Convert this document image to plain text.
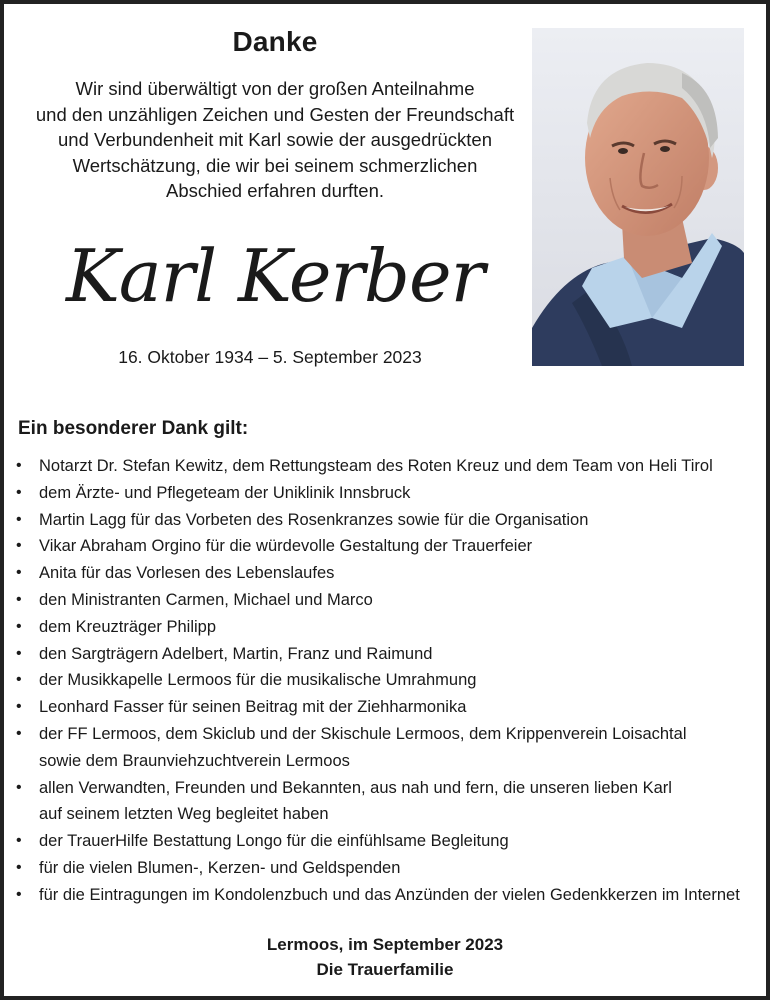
Danke
Wir sind überwältigt von der großen Anteilnahme
und den unzähligen Zeichen und Gesten der Freundschaft
und Verbundenheit mit Karl sowie der ausgedrückten
Wertschätzung, die wir bei seinem schmerzlichen
Abschied erfahren durften.
Karl Kerber
16. Oktober 1934 – 5. September 2023
Ein besonderer Dank gilt:
• Notarzt Dr. Stefan Kewitz, dem Rettungsteam des Roten Kreuz und dem Team von Heli Tirol
• dem Ärzte- und Pflegeteam der Uniklinik Innsbruck
• Martin Lagg für das Vorbeten des Rosenkranzes sowie für die Organisation
• Vikar Abraham Orgino für die würdevolle Gestaltung der Trauerfeier
• Anita für das Vorlesen des Lebenslaufes
• den Ministranten Carmen, Michael und Marco
• dem Kreuzträger Philipp
• den Sargträgern Adelbert, Martin, Franz und Raimund
• der Musikkapelle Lermoos für die musikalische Umrahmung
• Leonhard Fasser für seinen Beitrag mit der Ziehharmonika
• der FF Lermoos, dem Skiclub und der Skischule Lermoos, dem Krippenverein Loisachtal
sowie dem Braunviehzuchtverein Lermoos
• allen Verwandten, Freunden und Bekannten, aus nah und fern, die unseren lieben Karl
auf seinem letzten Weg begleitet haben
• der TrauerHilfe Bestattung Longo für die einfühlsame Begleitung
• für die vielen Blumen-, Kerzen- und Geldspenden
• für die Eintragungen im Kondolenzbuch und das Anzünden der vielen Gedenkkerzen im Internet
Lermoos, im September 2023
Die Trauerfamilie
